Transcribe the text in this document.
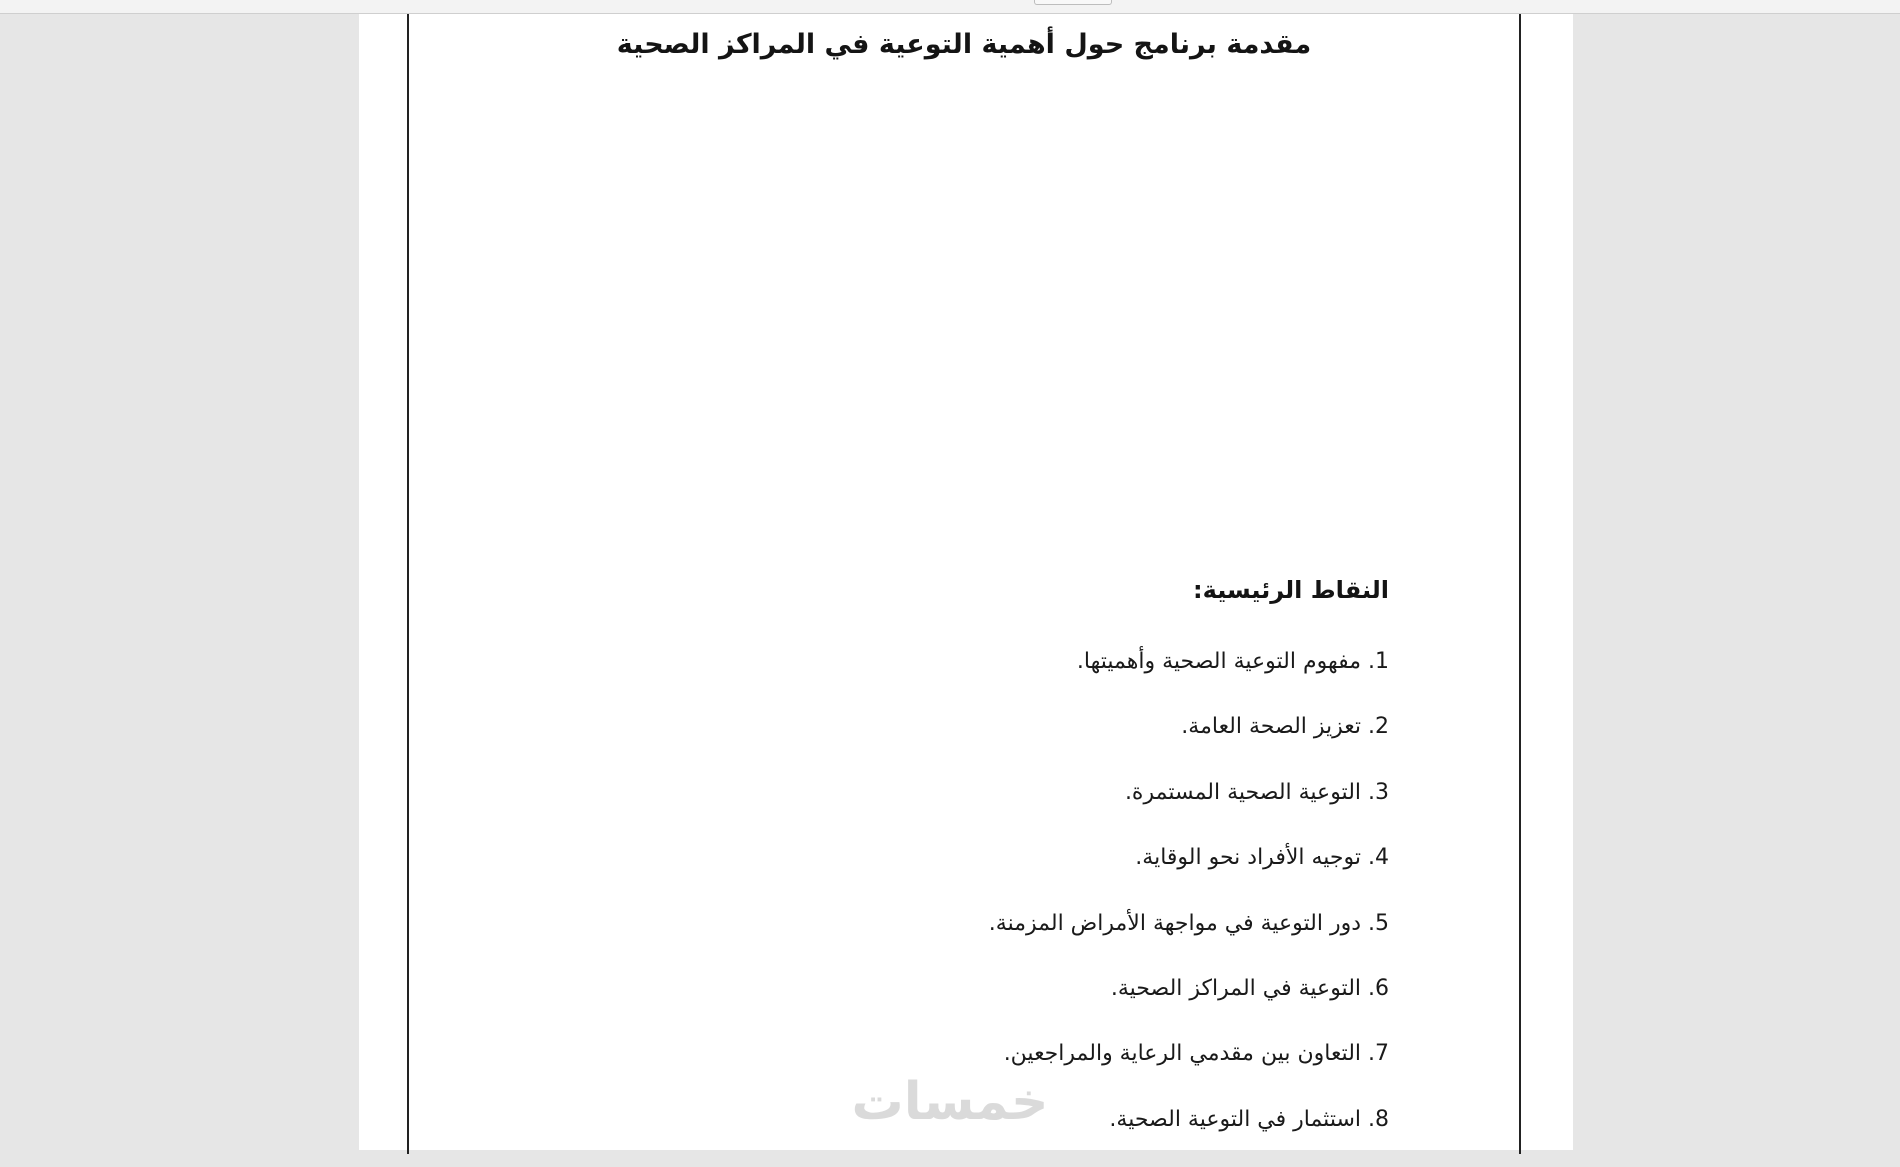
مقدمة برنامج حول أهمية التوعية في المراكز الصحية
النقاط الرئيسية:
1. مفهوم التوعية الصحية وأهميتها.
2. تعزيز الصحة العامة.
3. التوعية الصحية المستمرة.
4. توجيه الأفراد نحو الوقاية.
5. دور التوعية في مواجهة الأمراض المزمنة.
6. التوعية في المراكز الصحية.
7. التعاون بين مقدمي الرعاية والمراجعين.
8. استثمار في التوعية الصحية.
خمسات
